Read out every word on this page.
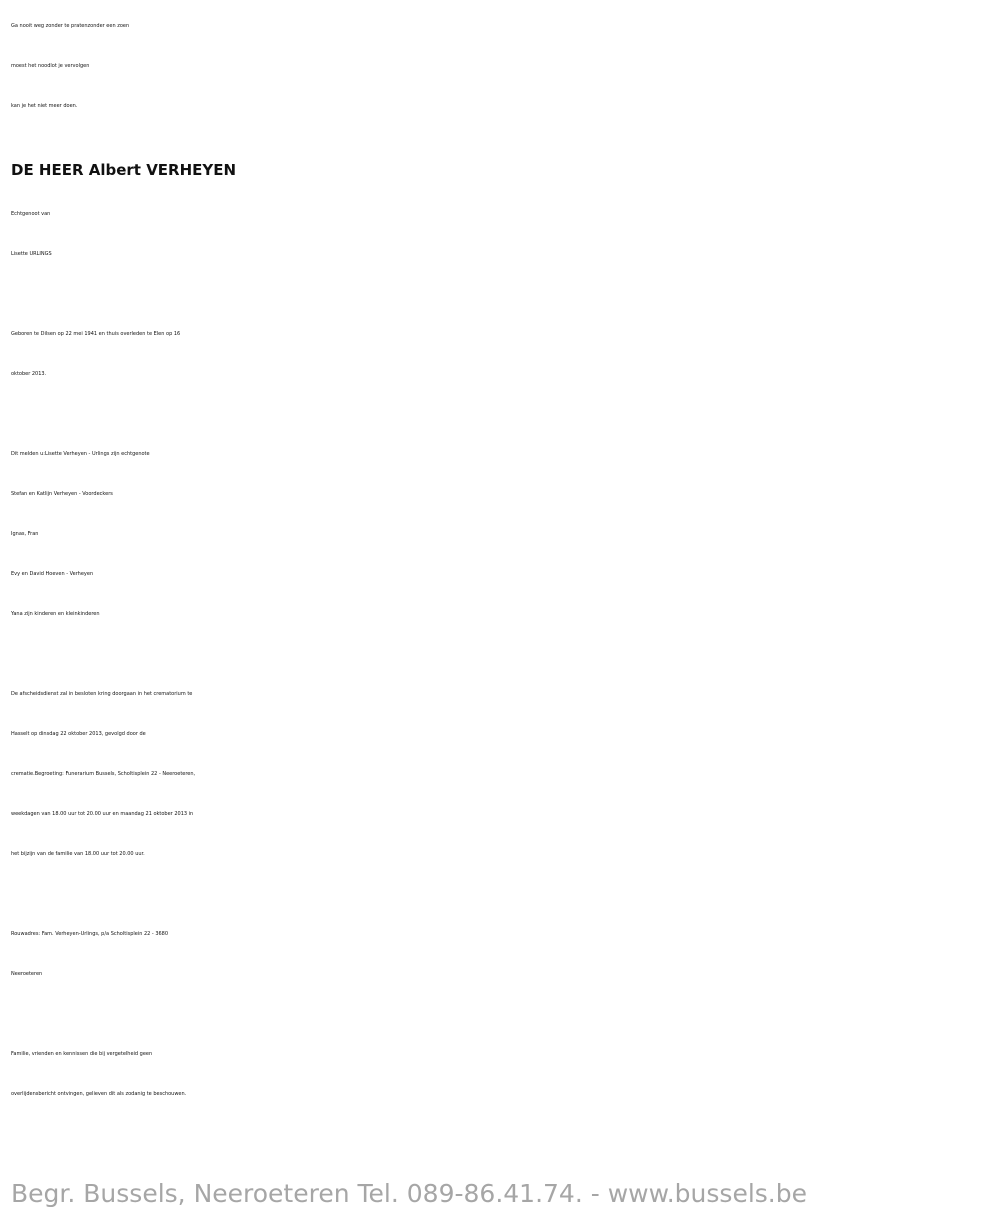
Ga nooit weg zonder te pratenzonder een zoen
moest het noodlot je vervolgen
kan je het niet meer doen.
DE HEER Albert VERHEYEN
Echtgenoot van
Lisette URLINGS
Geboren te Dilsen op 22 mei 1941 en thuis overleden te Elen op 16
oktober 2013.
Dit melden u:Lisette Verheyen - Urlings zijn echtgenote
Stefan en Katlijn Verheyen - Voordeckers
Ignas, Fran
Evy en David Hoeven - Verheyen
Yana zijn kinderen en kleinkinderen
De afscheidsdienst zal in besloten kring doorgaan in het crematorium te
Hasselt op dinsdag 22 oktober 2013, gevolgd door de
crematie.Begroeting: Funerarium Bussels, Scholtisplein 22 - Neeroeteren,
weekdagen van 18.00 uur tot 20.00 uur en maandag 21 oktober 2013 in
het bijzijn van de familie van 18.00 uur tot 20.00 uur.
Rouwadres: Fam. Verheyen-Urlings, p/a Scholtisplein 22 - 3680
Neeroeteren
Familie, vrienden en kennissen die bij vergetelheid geen
overlijdensbericht ontvingen, gelieven dit als zodanig te beschouwen.
Begr. Bussels, Neeroeteren Tel. 089-86.41.74. - www.bussels.be
